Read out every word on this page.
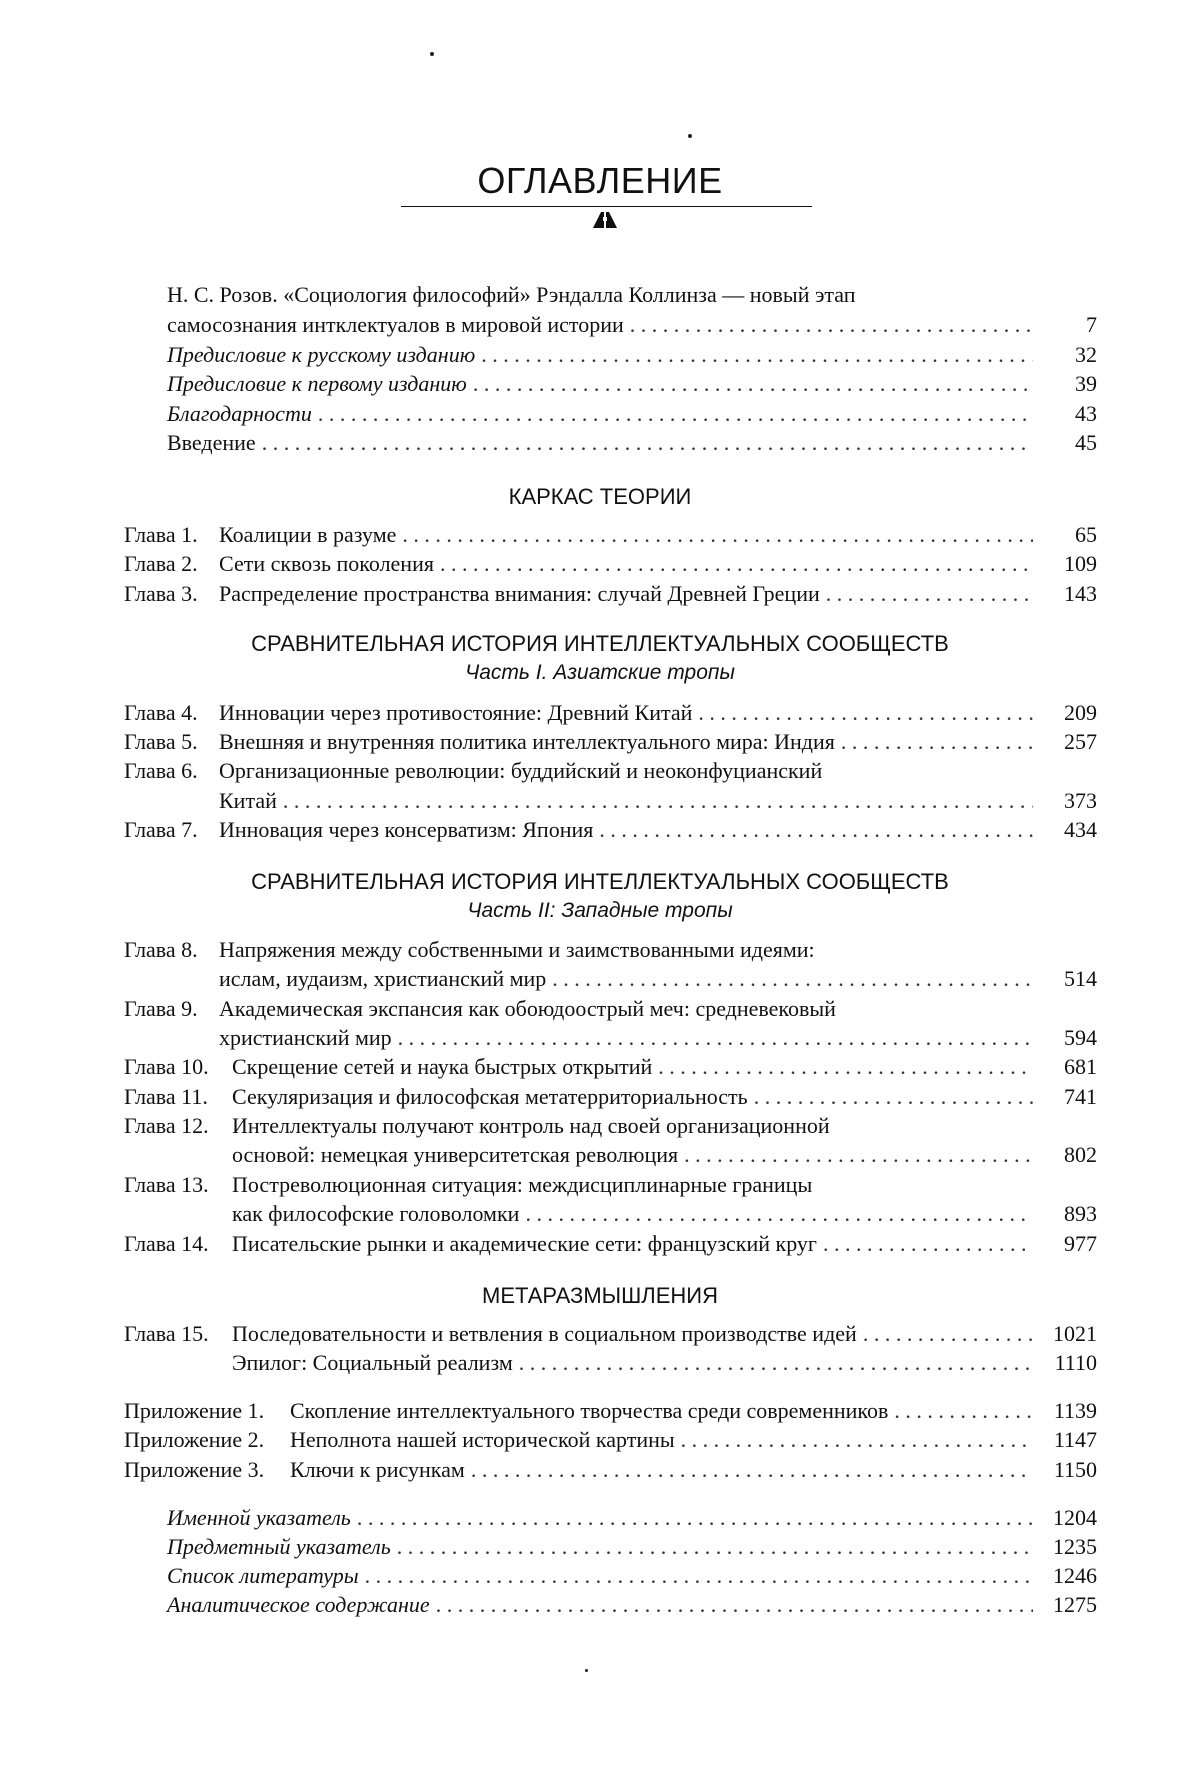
ОГЛАВЛЕНИЕ
Н. С. Розов. «Социология философий» Рэндалла Коллинза — новый этап
самосознания интклектуалов в мировой истории . . .	7
Предисловие к русскому изданию . . .	32
Предисловие к первому изданию . . .	39
Благодарности . . .	43
Введение . . .	45
КАРКАС ТЕОРИИ
Глава 1. Коалиции в разуме . . .	65
Глава 2. Сети сквозь поколения . . .	109
Глава 3. Распределение пространства внимания: случай Древней Греции . . .	143
СРАВНИТЕЛЬНАЯ ИСТОРИЯ ИНТЕЛЛЕКТУАЛЬНЫХ СООБЩЕСТВ
Часть I. Азиатские тропы
Глава 4. Инновации через противостояние: Древний Китай . . .	209
Глава 5. Внешняя и внутренняя политика интеллектуального мира: Индия . . .	257
Глава 6. Организационные революции: буддийский и неоконфуцианский
Китай . . .	373
Глава 7. Инновация через консерватизм: Япония . . .	434
СРАВНИТЕЛЬНАЯ ИСТОРИЯ ИНТЕЛЛЕКТУАЛЬНЫХ СООБЩЕСТВ
Часть II: Западные тропы
Глава 8. Напряжения между собственными и заимствованными идеями:
ислам, иудаизм, христианский мир . . .	514
Глава 9. Академическая экспансия как обоюдоострый меч: средневековый
христианский мир . . .	594
Глава 10. Скрещение сетей и наука быстрых открытий . . .	681
Глава 11. Секуляризация и философская метатерриториальность . . .	741
Глава 12. Интеллектуалы получают контроль над своей организационной
основой: немецкая университетская революция . . .	802
Глава 13. Постреволюционная ситуация: междисциплинарные границы
как философские головоломки . . .	893
Глава 14. Писательские рынки и академические сети: французский круг . . .	977
МЕТАРАЗМЫШЛЕНИЯ
Глава 15. Последовательности и ветвления в социальном производстве идей . . .	1021
Эпилог: Социальный реализм . . .	1110
Приложение 1. Скопление интеллектуального творчества среди современников . . .	1139
Приложение 2. Неполнота нашей исторической картины . . .	1147
Приложение 3. Ключи к рисункам . . .	1150
Именной указатель . . .	1204
Предметный указатель . . .	1235
Список литературы . . .	1246
Аналитическое содержание . . .	1275
